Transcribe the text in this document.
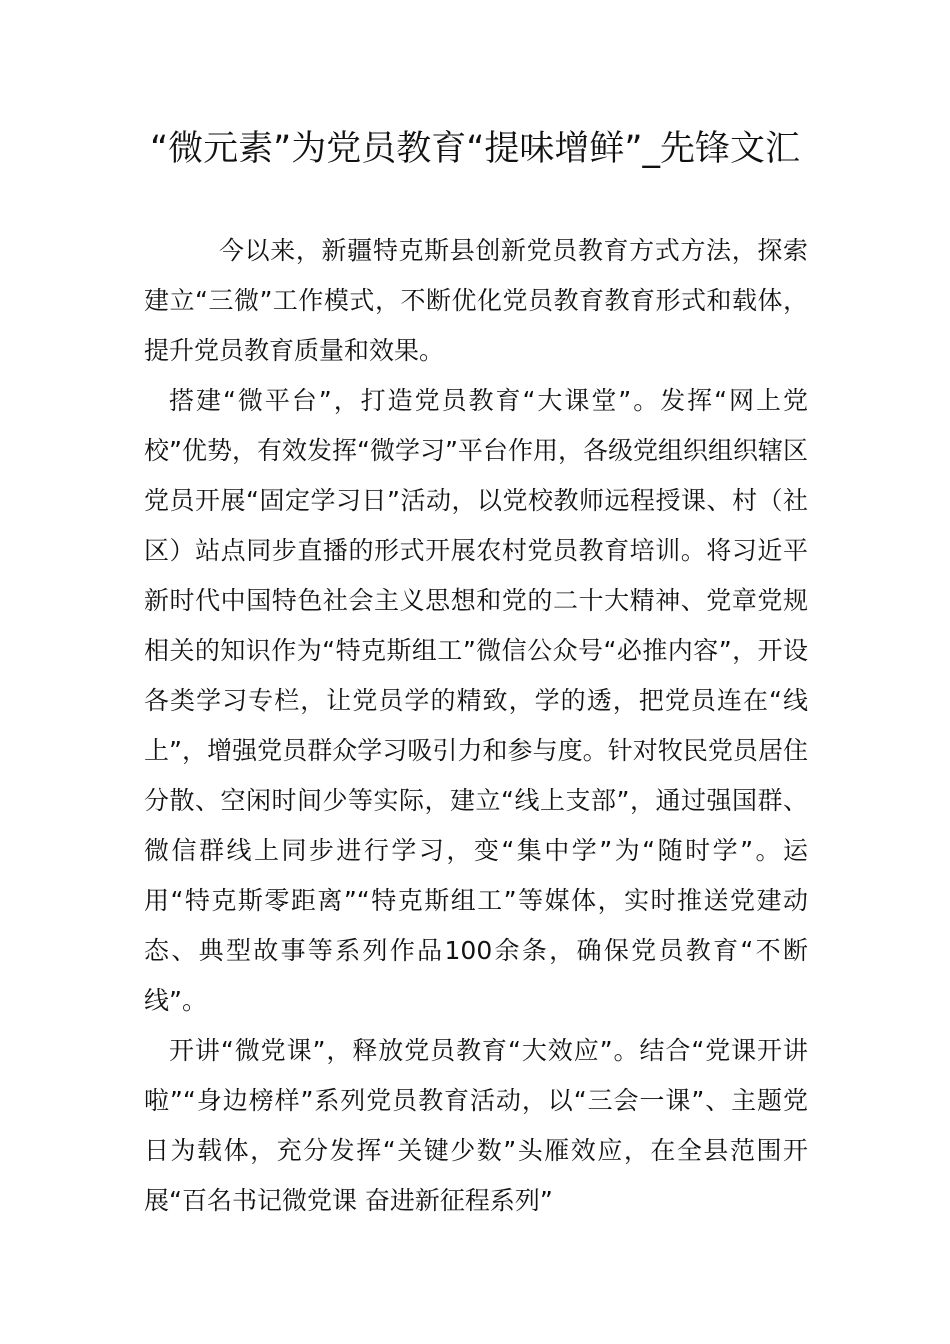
“微元素”为党员教育“提味增鲜”_先锋文汇

今以来，新疆特克斯县创新党员教育方式方法，探索建立“三微”工作模式，不断优化党员教育教育形式和载体，提升党员教育质量和效果。

搭建“微平台”，打造党员教育“大课堂”。发挥“网上党校”优势，有效发挥“微学习”平台作用，各级党组织组织辖区党员开展“固定学习日”活动，以党校教师远程授课、村（社区）站点同步直播的形式开展农村党员教育培训。将习近平新时代中国特色社会主义思想和党的二十大精神、党章党规相关的知识作为“特克斯组工”微信公众号“必推内容”，开设各类学习专栏，让党员学的精致，学的透，把党员连在“线上”，增强党员群众学习吸引力和参与度。针对牧民党员居住分散、空闲时间少等实际，建立“线上支部”，通过强国群、微信群线上同步进行学习，变“集中学”为“随时学”。运用“特克斯零距离”“特克斯组工”等媒体，实时推送党建动态、典型故事等系列作品100余条，确保党员教育“不断线”。

开讲“微党课”，释放党员教育“大效应”。结合“党课开讲啦”“身边榜样”系列党员教育活动，以“三会一课”、主题党日为载体，充分发挥“关键少数”头雁效应，在全县范围开展“百名书记微党课 奋进新征程系列”
